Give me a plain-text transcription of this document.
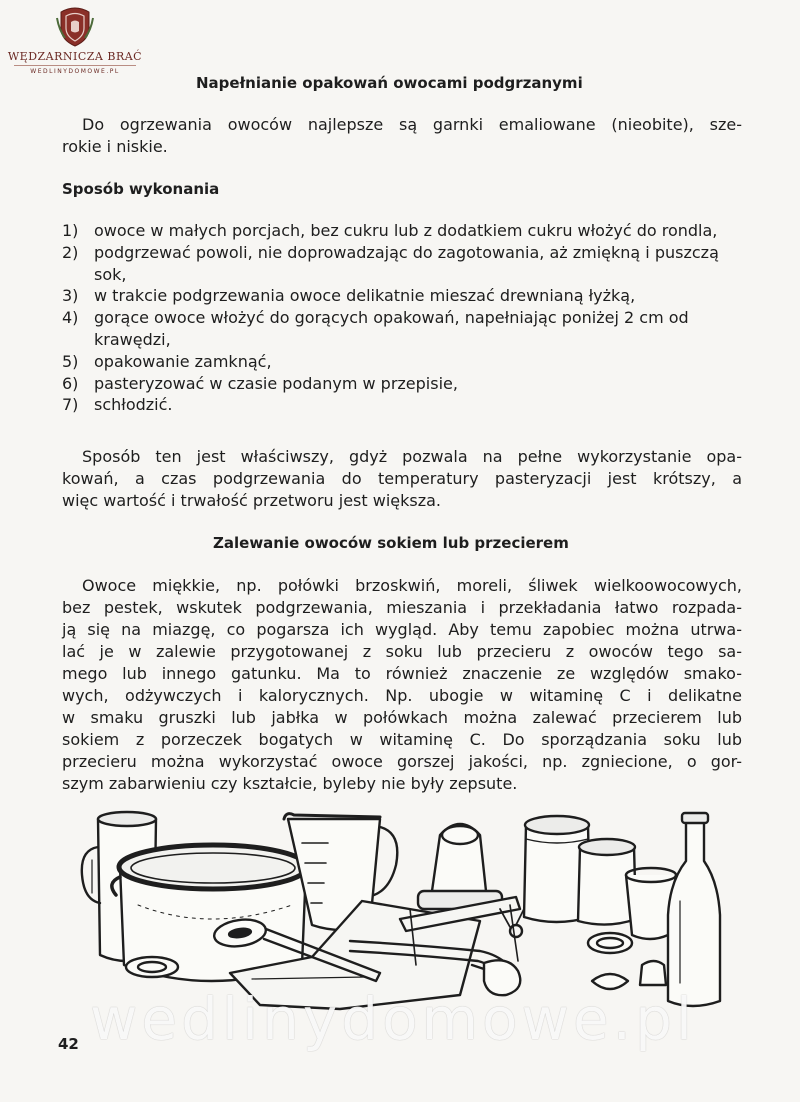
WĘDZARNICZA BRAĆ
WEDLINYDOMOWE.PL
Napełnianie opakowań owocami podgrzanymi
Do ogrzewania owoców najlepsze są garnki emaliowane (nieobite), sze-
rokie i niskie.
Sposób wykonania
1) owoce w małych porcjach, bez cukru lub z dodatkiem cukru włożyć do rondla,
2) podgrzewać powoli, nie doprowadzając do zagotowania, aż zmiękną i puszczą sok,
3) w trakcie podgrzewania owoce delikatnie mieszać drewnianą łyżką,
4) gorące owoce włożyć do gorących opakowań, napełniając poniżej 2 cm od krawędzi,
5) opakowanie zamknąć,
6) pasteryzować w czasie podanym w przepisie,
7) schłodzić.
Sposób ten jest właściwszy, gdyż pozwala na pełne wykorzystanie opa-
kowań, a czas podgrzewania do temperatury pasteryzacji jest krótszy, a
więc wartość i trwałość przetworu jest większa.
Zalewanie owoców sokiem lub przecierem
Owoce miękkie, np. połówki brzoskwiń, moreli, śliwek wielkoowocowych,
bez pestek, wskutek podgrzewania, mieszania i przekładania łatwo rozpada-
ją się na miazgę, co pogarsza ich wygląd. Aby temu zapobiec można utrwa-
lać je w zalewie przygotowanej z soku lub przecieru z owoców tego sa-
mego lub innego gatunku. Ma to również znaczenie ze względów smako-
wych, odżywczych i kalorycznych. Np. ubogie w witaminę C i delikatne
w smaku gruszki lub jabłka w połówkach można zalewać przecierem lub
sokiem z porzeczek bogatych w witaminę C. Do sporządzania soku lub
przecieru można wykorzystać owoce gorszej jakości, np. zgniecione, o gor-
szym zabarwieniu czy kształcie, byleby nie były zepsute.
wedlinydomowe.pl
42
